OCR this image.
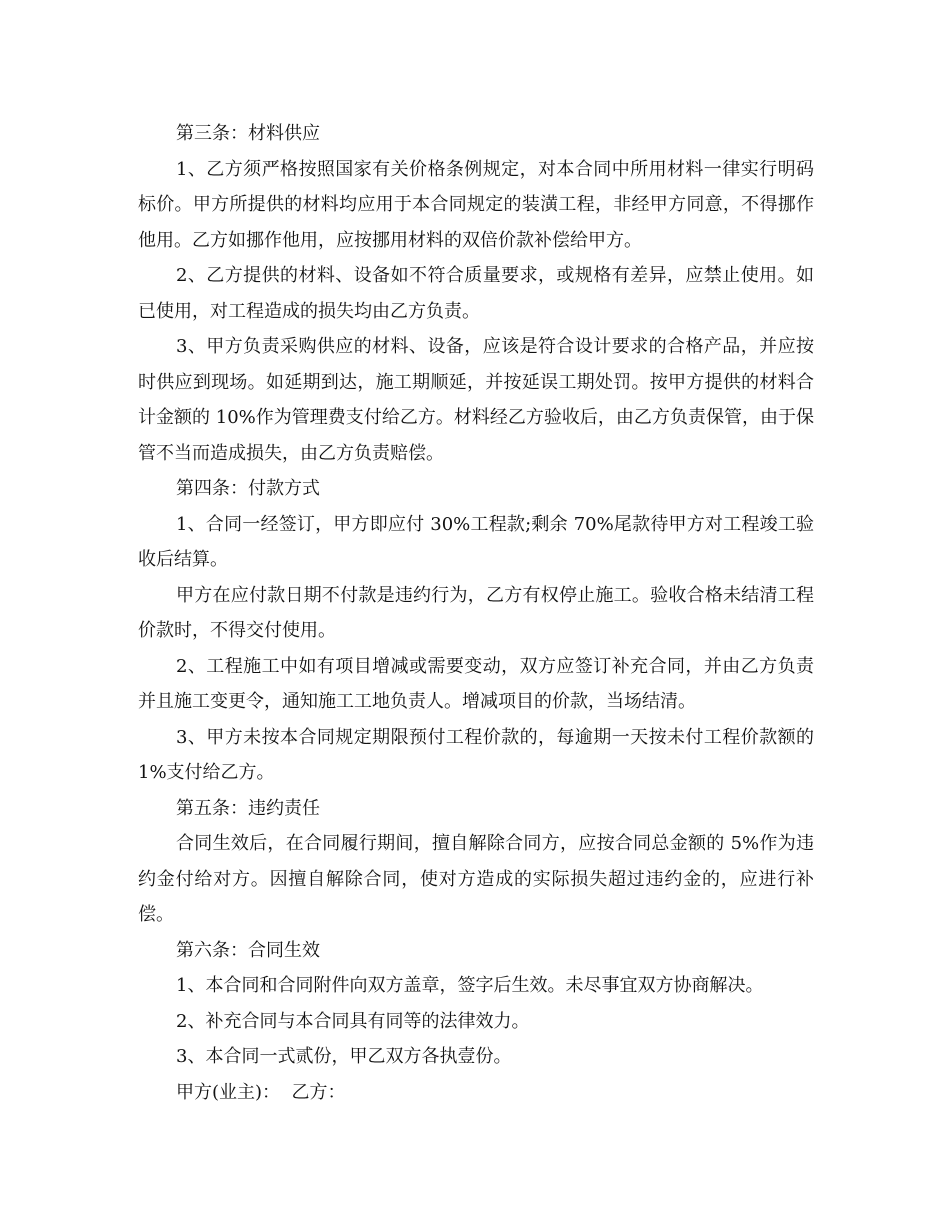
第三条：材料供应

1、乙方须严格按照国家有关价格条例规定，对本合同中所用材料一律实行明码标价。甲方所提供的材料均应用于本合同规定的装潢工程，非经甲方同意，不得挪作他用。乙方如挪作他用，应按挪用材料的双倍价款补偿给甲方。

2、乙方提供的材料、设备如不符合质量要求，或规格有差异，应禁止使用。如已使用，对工程造成的损失均由乙方负责。

3、甲方负责采购供应的材料、设备，应该是符合设计要求的合格产品，并应按时供应到现场。如延期到达，施工期顺延，并按延误工期处罚。按甲方提供的材料合计金额的 10%作为管理费支付给乙方。材料经乙方验收后，由乙方负责保管，由于保管不当而造成损失，由乙方负责赔偿。

第四条：付款方式

1、合同一经签订，甲方即应付 30%工程款;剩余 70%尾款待甲方对工程竣工验收后结算。

甲方在应付款日期不付款是违约行为，乙方有权停止施工。验收合格未结清工程价款时，不得交付使用。

2、工程施工中如有项目增减或需要变动，双方应签订补充合同，并由乙方负责并且施工变更令，通知施工工地负责人。增减项目的价款，当场结清。

3、甲方未按本合同规定期限预付工程价款的，每逾期一天按未付工程价款额的 1%支付给乙方。

第五条：违约责任

合同生效后，在合同履行期间，擅自解除合同方，应按合同总金额的 5%作为违约金付给对方。因擅自解除合同，使对方造成的实际损失超过违约金的，应进行补偿。

第六条：合同生效

1、本合同和合同附件向双方盖章，签字后生效。未尽事宜双方协商解决。

2、补充合同与本合同具有同等的法律效力。

3、本合同一式贰份，甲乙双方各执壹份。

甲方(业主)：  乙方：
